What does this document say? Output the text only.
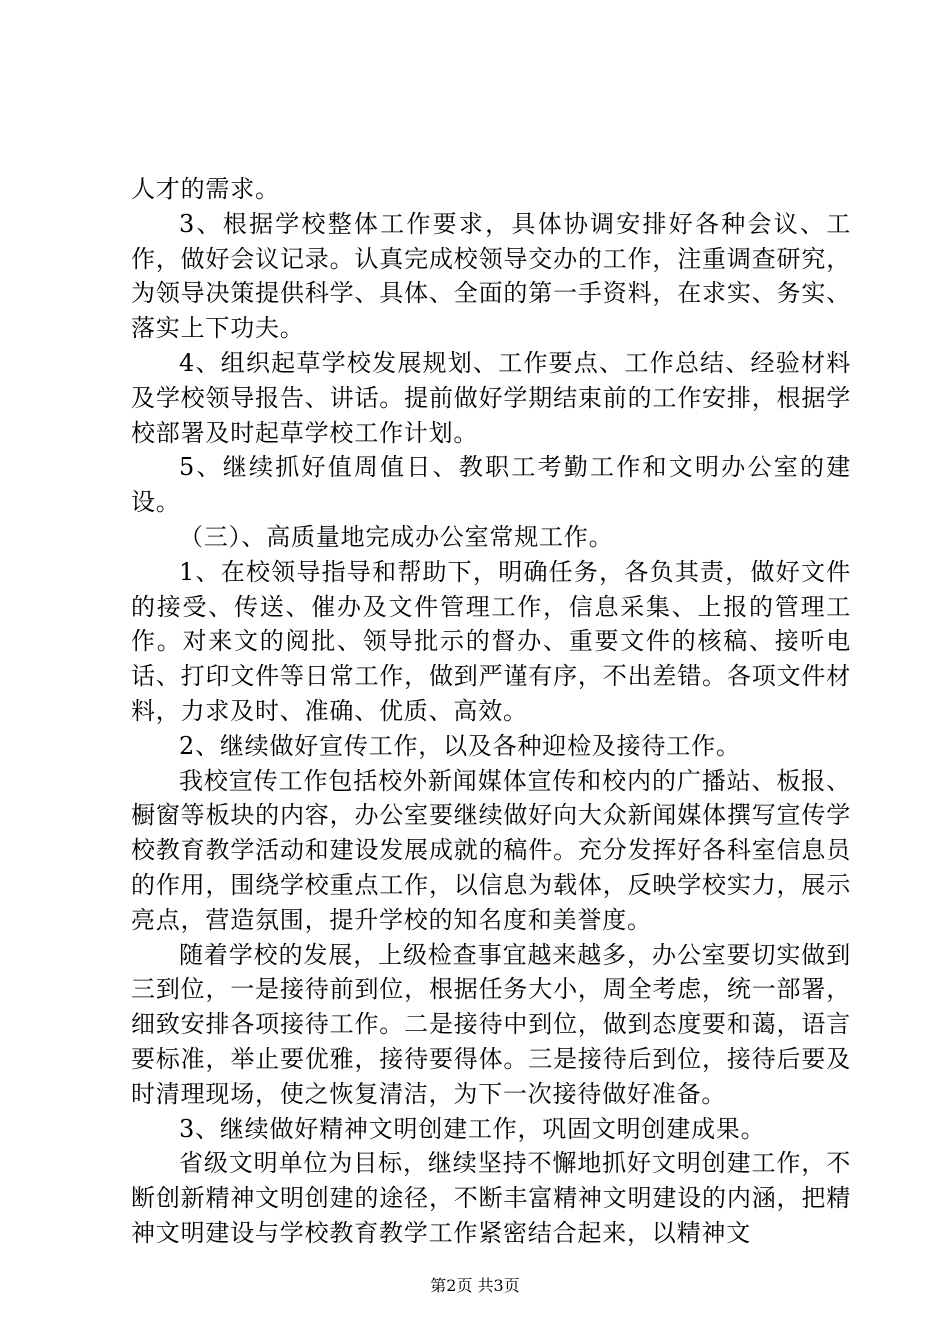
人才的需求。

3、根据学校整体工作要求，具体协调安排好各种会议、工作，做好会议记录。认真完成校领导交办的工作，注重调查研究，为领导决策提供科学、具体、全面的第一手资料，在求实、务实、落实上下功夫。

4、组织起草学校发展规划、工作要点、工作总结、经验材料及学校领导报告、讲话。提前做好学期结束前的工作安排，根据学校部署及时起草学校工作计划。

5、继续抓好值周值日、教职工考勤工作和文明办公室的建设。

（三）、高质量地完成办公室常规工作。

1、在校领导指导和帮助下，明确任务，各负其责，做好文件的接受、传送、催办及文件管理工作，信息采集、上报的管理工作。对来文的阅批、领导批示的督办、重要文件的核稿、接听电话、打印文件等日常工作，做到严谨有序，不出差错。各项文件材料，力求及时、准确、优质、高效。

2、继续做好宣传工作，以及各种迎检及接待工作。

我校宣传工作包括校外新闻媒体宣传和校内的广播站、板报、橱窗等板块的内容，办公室要继续做好向大众新闻媒体撰写宣传学校教育教学活动和建设发展成就的稿件。充分发挥好各科室信息员的作用，围绕学校重点工作，以信息为载体，反映学校实力，展示亮点，营造氛围，提升学校的知名度和美誉度。

随着学校的发展，上级检查事宜越来越多，办公室要切实做到三到位，一是接待前到位，根据任务大小，周全考虑，统一部署，细致安排各项接待工作。二是接待中到位，做到态度要和蔼，语言要标准，举止要优雅，接待要得体。三是接待后到位，接待后要及时清理现场，使之恢复清洁，为下一次接待做好准备。

3、继续做好精神文明创建工作，巩固文明创建成果。

省级文明单位为目标，继续坚持不懈地抓好文明创建工作，不断创新精神文明创建的途径，不断丰富精神文明建设的内涵，把精神文明建设与学校教育教学工作紧密结合起来，以精神文

第2页 共3页
